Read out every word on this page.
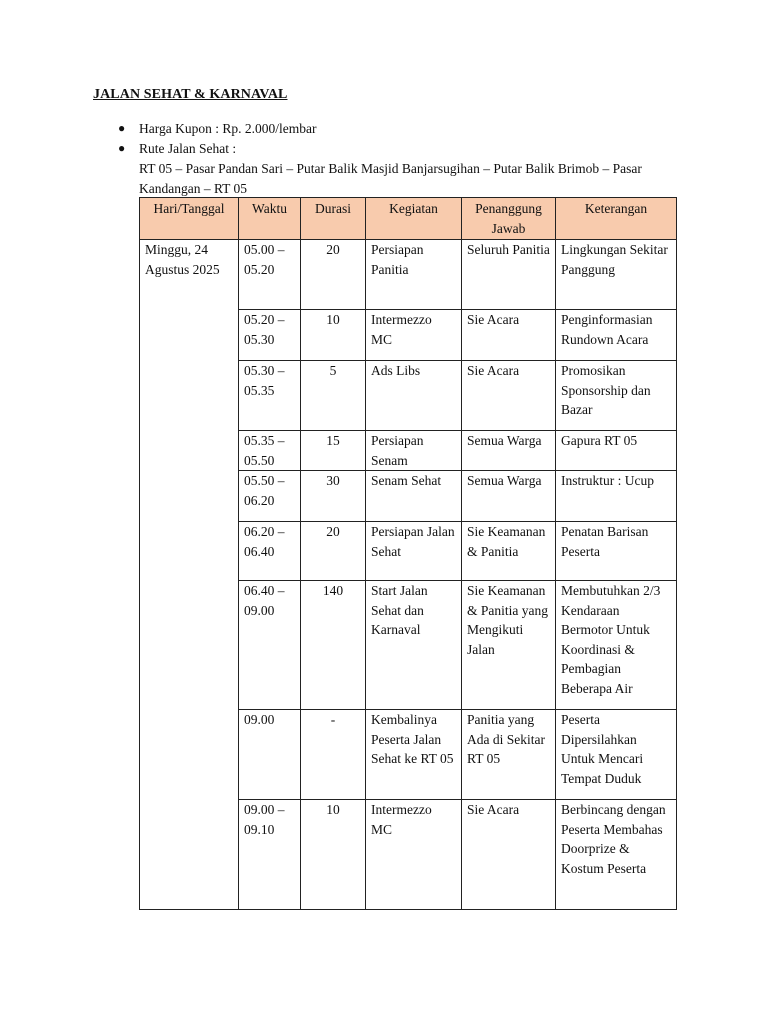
JALAN SEHAT & KARNAVAL
● Harga Kupon : Rp. 2.000/lembar
● Rute Jalan Sehat :
RT 05 – Pasar Pandan Sari – Putar Balik Masjid Banjarsugihan – Putar Balik Brimob – Pasar Kandangan – RT 05
Hari/Tanggal	Waktu	Durasi	Kegiatan	Penanggung Jawab	Keterangan
Minggu, 24 Agustus 2025	05.00 – 05.20	20	Persiapan Panitia	Seluruh Panitia	Lingkungan Sekitar Panggung
	05.20 – 05.30	10	Intermezzo MC	Sie Acara	Penginformasian Rundown Acara
	05.30 – 05.35	5	Ads Libs	Sie Acara	Promosikan Sponsorship dan Bazar
	05.35 – 05.50	15	Persiapan Senam	Semua Warga	Gapura RT 05
	05.50 – 06.20	30	Senam Sehat	Semua Warga	Instruktur : Ucup
	06.20 – 06.40	20	Persiapan Jalan Sehat	Sie Keamanan & Panitia	Penatan Barisan Peserta
	06.40 – 09.00	140	Start Jalan Sehat dan Karnaval	Sie Keamanan & Panitia yang Mengikuti Jalan	Membutuhkan 2/3 Kendaraan Bermotor Untuk Koordinasi & Pembagian Beberapa Air
	09.00	-	Kembalinya Peserta Jalan Sehat ke RT 05	Panitia yang Ada di Sekitar RT 05	Peserta Dipersilahkan Untuk Mencari Tempat Duduk
	09.00 – 09.10	10	Intermezzo MC	Sie Acara	Berbincang dengan Peserta Membahas Doorprize & Kostum Peserta
